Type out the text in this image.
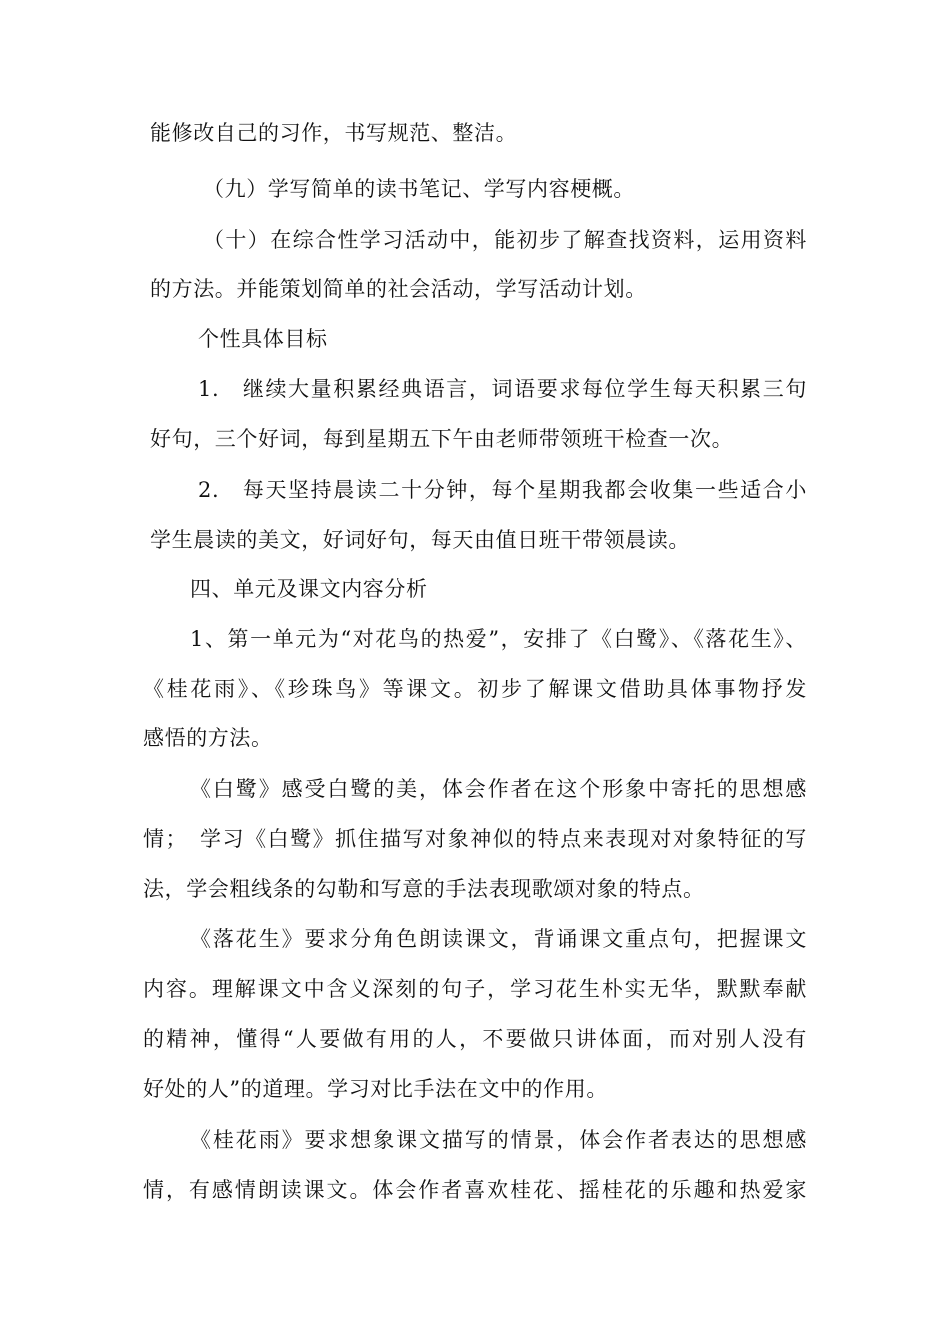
能修改自己的习作，书写规范、整洁。
（九）学写简单的读书笔记、学写内容梗概。
（十）在综合性学习活动中，能初步了解查找资料，运用资料
的方法。并能策划简单的社会活动，学写活动计划。
个性具体目标
1.　继续大量积累经典语言，词语要求每位学生每天积累三句
好句，三个好词，每到星期五下午由老师带领班干检查一次。
2.　每天坚持晨读二十分钟，每个星期我都会收集一些适合小
学生晨读的美文，好词好句，每天由值日班干带领晨读。
四、单元及课文内容分析
1、第一单元为“对花鸟的热爱”，安排了《白鹭》、《落花生》、
《桂花雨》、《珍珠鸟》等课文。初步了解课文借助具体事物抒发
感悟的方法。
《白鹭》感受白鹭的美，体会作者在这个形象中寄托的思想感
情；　学习《白鹭》抓住描写对象神似的特点来表现对对象特征的写
法，学会粗线条的勾勒和写意的手法表现歌颂对象的特点。
《落花生》要求分角色朗读课文，背诵课文重点句，把握课文
内容。理解课文中含义深刻的句子，学习花生朴实无华，默默奉献
的精神，懂得“人要做有用的人，不要做只讲体面，而对别人没有
好处的人”的道理。学习对比手法在文中的作用。
《桂花雨》要求想象课文描写的情景，体会作者表达的思想感
情，有感情朗读课文。体会作者喜欢桂花、摇桂花的乐趣和热爱家
